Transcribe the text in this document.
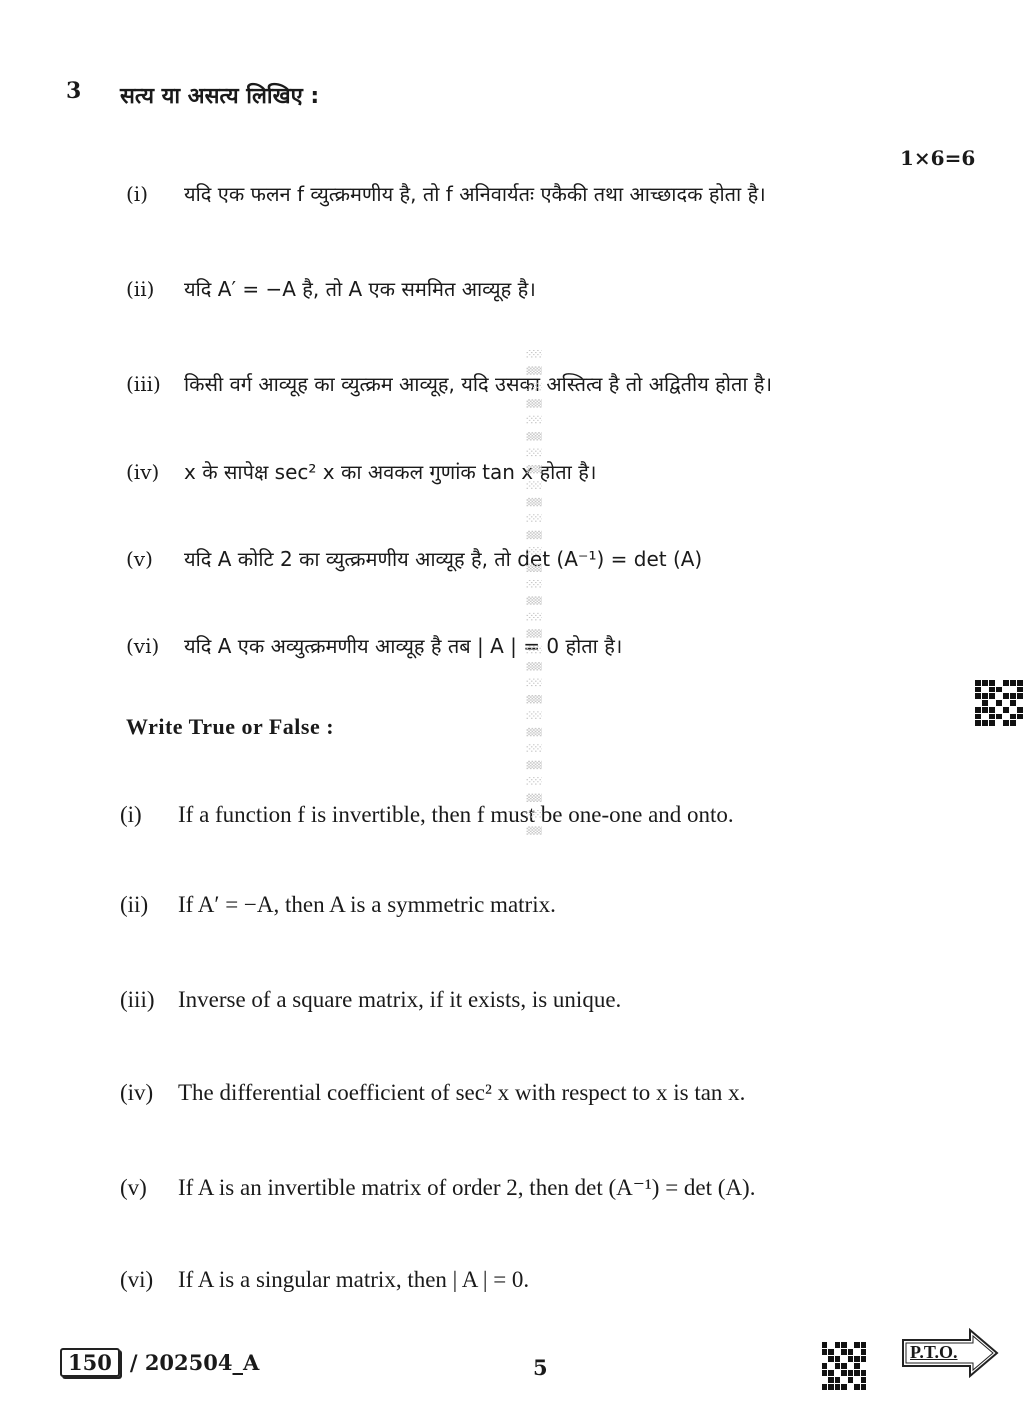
3 सत्य या असत्य लिखिए :
1×6=6
(i)	यदि एक फलन f व्युत्क्रमणीय है, तो f अनिवार्यतः एकैकी तथा आच्छादक होता है।
(ii)	यदि A′ = −A है, तो A एक सममित आव्यूह है।
(iii)	किसी वर्ग आव्यूह का व्युत्क्रम आव्यूह, यदि उसका अस्तित्व है तो अद्वितीय होता है।
(iv)	x के सापेक्ष sec² x का अवकल गुणांक tan x होता है।
(v)	यदि A कोटि 2 का व्युत्क्रमणीय आव्यूह है, तो det (A⁻¹) = det (A)
(vi)	यदि A एक अव्युत्क्रमणीय आव्यूह है तब | A | = 0 होता है।
Write True or False :
(i)	If a function f is invertible, then f must be one-one and onto.
(ii)	If A′ = −A, then A is a symmetric matrix.
(iii)	Inverse of a square matrix, if it exists, is unique.
(iv)	The differential coefficient of sec² x with respect to x is tan x.
(v)	If A is an invertible matrix of order 2, then det (A⁻¹) = det (A).
(vi)	If A is a singular matrix, then | A | = 0.
░▒░▒░▒░▒░▒░▒░▒░▒░▒░▒░▒░▒░▒░▒░▒
150 / 202504_A	5
P.T.O.
